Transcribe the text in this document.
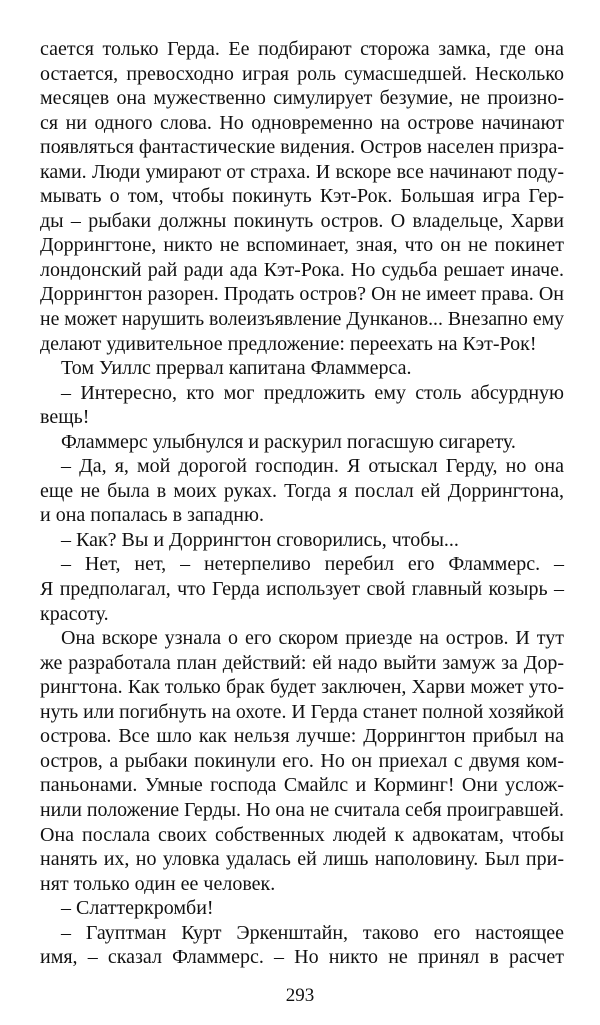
сается только Герда. Ее подбирают сторожа замка, где она
остается, превосходно играя роль сумасшедшей. Несколько
месяцев она мужественно симулирует безумие, не произно-
ся ни одного слова. Но одновременно на острове начинают
появляться фантастические видения. Остров населен призра-
ками. Люди умирают от страха. И вскоре все начинают поду-
мывать о том, чтобы покинуть Кэт-Рок. Большая игра Гер-
ды – рыбаки должны покинуть остров. О владельце, Харви
Доррингтоне, никто не вспоминает, зная, что он не покинет
лондонский рай ради ада Кэт-Рока. Но судьба решает иначе.
Доррингтон разорен. Продать остров? Он не имеет права. Он
не может нарушить волеизъявление Дунканов... Внезапно ему
делают удивительное предложение: переехать на Кэт-Рок!
Том Уиллс прервал капитана Фламмерса.
– Интересно, кто мог предложить ему столь абсурдную
вещь!
Фламмерс улыбнулся и раскурил погасшую сигарету.
– Да, я, мой дорогой господин. Я отыскал Герду, но она
еще не была в моих руках. Тогда я послал ей Доррингтона,
и она попалась в западню.
– Как? Вы и Доррингтон сговорились, чтобы...
– Нет, нет, – нетерпеливо перебил его Фламмерс. –
Я предполагал, что Герда использует свой главный козырь –
красоту.
Она вскоре узнала о его скором приезде на остров. И тут
же разработала план действий: ей надо выйти замуж за Дор-
рингтона. Как только брак будет заключен, Харви может уто-
нуть или погибнуть на охоте. И Герда станет полной хозяйкой
острова. Все шло как нельзя лучше: Доррингтон прибыл на
остров, а рыбаки покинули его. Но он приехал с двумя ком-
паньонами. Умные господа Смайлс и Корминг! Они услож-
нили положение Герды. Но она не считала себя проигравшей.
Она послала своих собственных людей к адвокатам, чтобы
нанять их, но уловка удалась ей лишь наполовину. Был при-
нят только один ее человек.
– Слаттеркромби!
– Гауптман Курт Эркенштайн, таково его настоящее
имя, – сказал Фламмерс. – Но никто не принял в расчет
293
